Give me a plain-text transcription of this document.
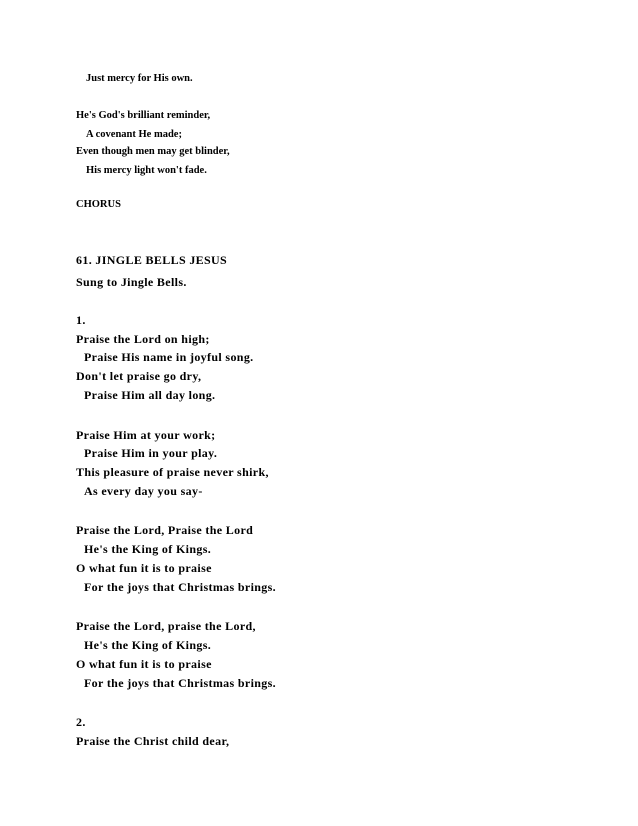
Just mercy for His own.
He's God's brilliant reminder,
A covenant He made;
Even though men may get blinder,
His mercy light won't fade.
CHORUS
61. JINGLE BELLS JESUS
Sung to Jingle Bells.
1.
Praise the Lord on high;
Praise His name in joyful song.
Don't let praise go dry,
Praise Him all day long.
Praise Him at your work;
Praise Him in your play.
This pleasure of praise never shirk,
As every day you say-
Praise the Lord, Praise the Lord
He's the King of Kings.
O what fun it is to praise
For the joys that Christmas brings.
Praise the Lord, praise the Lord,
He's the King of Kings.
O what fun it is to praise
For the joys that Christmas brings.
2.
Praise the Christ child dear,
